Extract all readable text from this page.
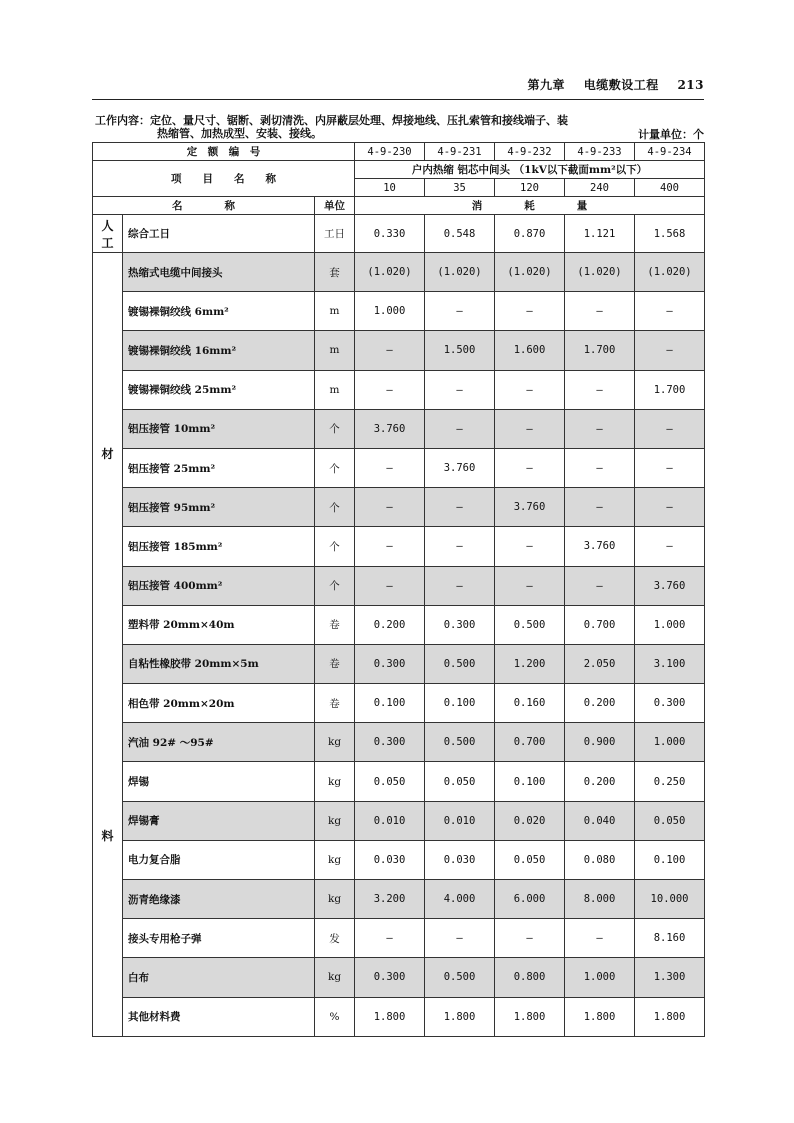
第九章 电缆敷设工程 213
工作内容：定位、量尺寸、锯断、剥切清洗、内屏蔽层处理、焊接地线、压扎索管和接线端子、装
热缩管、加热成型、安装、接线。	计量单位：个
定　额　编　号			4-9-230	4-9-231	4-9-232	4-9-233	4-9-234
项　　目　　名　　称			户内热缩 铝芯中间头 （1kV以下截面mm²以下）				
			10	35	120	240	400
名　　　　称		单位	消　　　　耗　　　　量				

人
工	综合工日	工日	0.330	0.548	0.870	1.121	1.568

材
料	热缩式电缆中间接头	套	(1.020)	(1.020)	(1.020)	(1.020)	(1.020)
	镀锡裸铜绞线 6mm²	m	1.000	—	—	—	—
	镀锡裸铜绞线 16mm²	m	—	1.500	1.600	1.700	—
	镀锡裸铜绞线 25mm²	m	—	—	—	—	1.700
	铝压接管 10mm²	个	3.760	—	—	—	—
	铝压接管 25mm²	个	—	3.760	—	—	—
	铝压接管 95mm²	个	—	—	3.760	—	—
	铝压接管 185mm²	个	—	—	—	3.760	—
	铝压接管 400mm²	个	—	—	—	—	3.760
	塑料带 20mm×40m	卷	0.200	0.300	0.500	0.700	1.000
	自粘性橡胶带 20mm×5m	卷	0.300	0.500	1.200	2.050	3.100
	相色带 20mm×20m	卷	0.100	0.100	0.160	0.200	0.300
	汽油 92# ～95#	kg	0.300	0.500	0.700	0.900	1.000
	焊锡	kg	0.050	0.050	0.100	0.200	0.250
	焊锡膏	kg	0.010	0.010	0.020	0.040	0.050
	电力复合脂	kg	0.030	0.030	0.050	0.080	0.100
	沥青绝缘漆	kg	3.200	4.000	6.000	8.000	10.000
	接头专用枪子弹	发	—	—	—	—	8.160
	白布	kg	0.300	0.500	0.800	1.000	1.300
	其他材料费	%	1.800	1.800	1.800	1.800	1.800
